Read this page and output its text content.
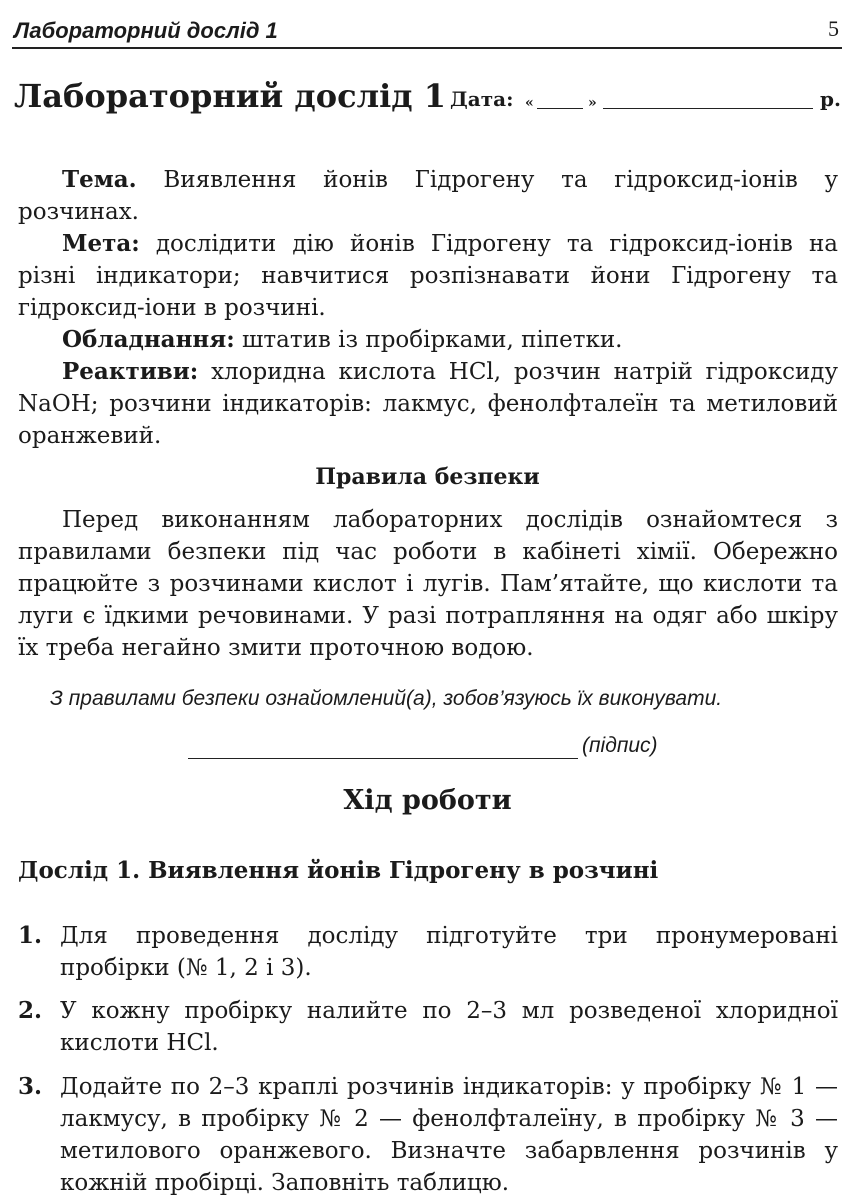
Лабораторний дослід 1	5
Лабораторний дослід 1 Дата: «	»	р.

Тема. Виявлення йонів Гідрогену та гідроксид-іонів у розчинах.

Мета: дослідити дію йонів Гідрогену та гідроксид-іонів на різні індикатори; навчитися розпізнавати йони Гідрогену та гідроксид-іони в розчині.

Обладнання: штатив із пробірками, піпетки.

Реактиви: хлоридна кислота HCl, розчин натрій гідроксиду NaOH; розчини індикаторів: лакмус, фенолфталеїн та метиловий оранжевий.

Правила безпеки

Перед виконанням лабораторних дослідів ознайомтеся з правилами безпеки під час роботи в кабінеті хімії. Обережно працюйте з розчинами кислот і лугів. Пам’ятайте, що кислоти та луги є їдкими речовинами. У разі потрапляння на одяг або шкіру їх треба негайно змити проточною водою.

З правилами безпеки ознайомлений(а), зобов’язуюсь їх виконувати.
(підпис)
Хід роботи
Дослід 1. Виявлення йонів Гідрогену в розчині
1. Для проведення досліду підготуйте три пронумеровані пробірки (№ 1, 2 і 3).
2. У кожну пробірку налийте по 2–3 мл розведеної хлоридної кислоти HCl.
3. Додайте по 2–3 краплі розчинів індикаторів: у пробірку № 1 — лакмусу, в пробірку № 2 — фенолфталеїну, в пробірку № 3 — метилового оранжевого. Визначте забарвлення розчинів у кожній пробірці. Заповніть таблицю.
